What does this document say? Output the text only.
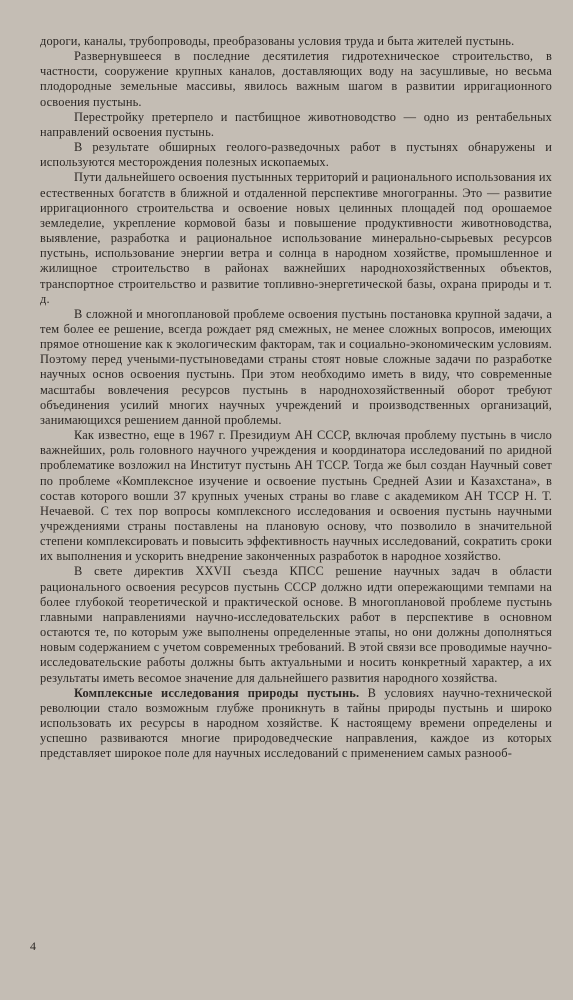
дороги, каналы, трубопроводы, преобразованы условия труда и быта жителей пустынь.

Развернувшееся в последние десятилетия гидротехническое строительство, в частности, сооружение крупных каналов, доставляющих воду на засушливые, но весьма плодородные земельные массивы, явилось важным шагом в развитии ирригационного освоения пустынь.

Перестройку претерпело и пастбищное животноводство — одно из рентабельных направлений освоения пустынь.

В результате обширных геолого-разведочных работ в пустынях обнаружены и используются месторождения полезных ископаемых.

Пути дальнейшего освоения пустынных территорий и рационального использования их естественных богатств в ближной и отдаленной перспективе многогранны. Это — развитие ирригационного строительства и освоение новых целинных площадей под орошаемое земледелие, укрепление кормовой базы и повышение продуктивности животноводства, выявление, разработка и рациональное использование минерально-сырьевых ресурсов пустынь, использование энергии ветра и солнца в народном хозяйстве, промышленное и жилищное строительство в районах важнейших народнохозяйственных объектов, транспортное строительство и развитие топливно-энергетической базы, охрана природы и т. д.

В сложной и многоплановой проблеме освоения пустынь постановка крупной задачи, а тем более ее решение, всегда рождает ряд смежных, не менее сложных вопросов, имеющих прямое отношение как к экологическим факторам, так и социально-экономическим условиям. Поэтому перед учеными-пустыноведами страны стоят новые сложные задачи по разработке научных основ освоения пустынь. При этом необходимо иметь в виду, что современные масштабы вовлечения ресурсов пустынь в народнохозяйственный оборот требуют объединения усилий многих научных учреждений и производственных организаций, занимающихся решением данной проблемы.

Как известно, еще в 1967 г. Президиум АН СССР, включая проблему пустынь в число важнейших, роль головного научного учреждения и координатора исследований по аридной проблематике возложил на Институт пустынь АН ТССР. Тогда же был создан Научный совет по проблеме «Комплексное изучение и освоение пустынь Средней Азии и Казахстана», в состав которого вошли 37 крупных ученых страны во главе с академиком АН ТССР Н. Т. Нечаевой. С тех пор вопросы комплексного исследования и освоения пустынь научными учреждениями страны поставлены на плановую основу, что позволило в значительной степени комплексировать и повысить эффективность научных исследований, сократить сроки их выполнения и ускорить внедрение законченных разработок в народное хозяйство.

В свете директив XXVII съезда КПСС решение научных задач в области рационального освоения ресурсов пустынь СССР должно идти опережающими темпами на более глубокой теоретической и практической основе. В многоплановой проблеме пустынь главными направлениями научно-исследовательских работ в перспективе в основном остаются те, по которым уже выполнены определенные этапы, но они должны дополняться новым содержанием с учетом современных требований. В этой связи все проводимые научно-исследовательские работы должны быть актуальными и носить конкретный характер, а их результаты иметь весомое значение для дальнейшего развития народного хозяйства.

Комплексные исследования природы пустынь. В условиях научно-технической революции стало возможным глубже проникнуть в тайны природы пустынь и широко использовать их ресурсы в народном хозяйстве. К настоящему времени определены и успешно развиваются многие природоведческие направления, каждое из которых представляет широкое поле для научных исследований с применением самых разнооб-

4
